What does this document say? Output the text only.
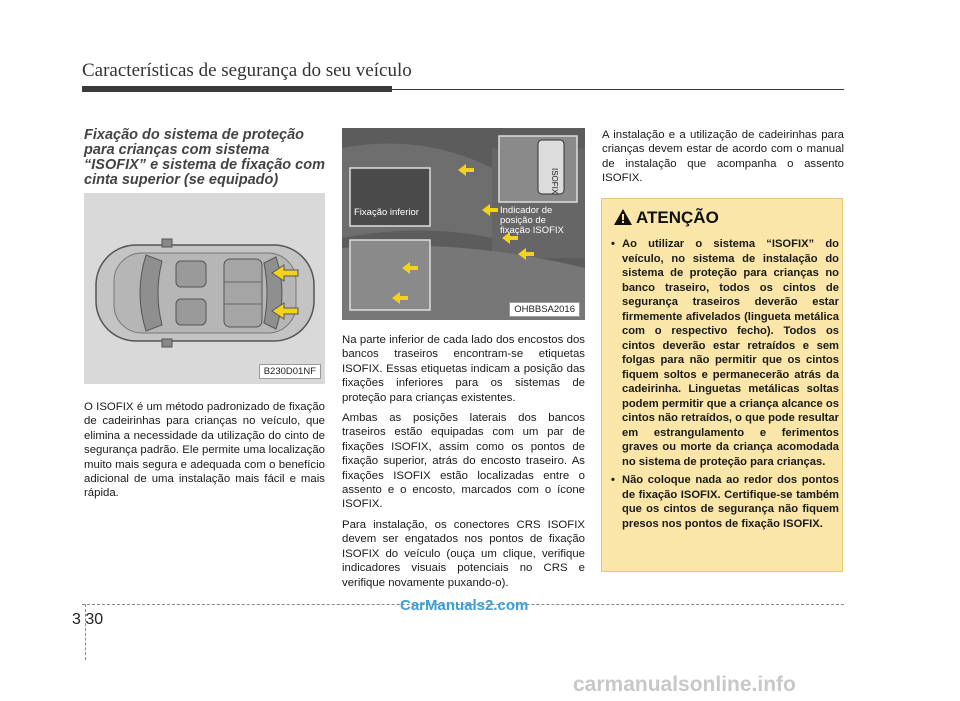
Características de segurança do seu veículo
Fixação do sistema de proteção para crianças com sistema “ISOFIX” e sistema de fixação com cinta superior (se equipado)
B230D01NF

O ISOFIX é um método padronizado de fixação de cadeirinhas para crianças no veículo, que elimina a necessidade da utilização do cinto de segurança padrão. Ele permite uma localização muito mais segura e adequada com o benefício adicional de uma instalação mais fácil e mais rápida.

ISOFIX
Fixação inferior	Indicador de posição de fixação ISOFIX
OHBBSA2016

Na parte inferior de cada lado dos encostos dos bancos traseiros encontram-se etiquetas ISOFIX. Essas etiquetas indicam a posição das fixações inferiores para os sistemas de proteção para crianças existentes.

Ambas as posições laterais dos bancos traseiros estão equipadas com um par de fixações ISOFIX, assim como os pontos de fixação superior, atrás do encosto traseiro. As fixações ISOFIX estão localizadas entre o assento e o encosto, marcados com o ícone ISOFIX.

Para instalação, os conectores CRS ISOFIX devem ser engatados nos pontos de fixação ISOFIX do veículo (ouça um clique, verifique indicadores visuais potenciais no CRS e verifique novamente puxando-o).

A instalação e a utilização de cadeirinhas para crianças devem estar de acordo com o manual de instalação que acompanha o assento ISOFIX.

ATENÇÃO
• Ao utilizar o sistema “ISOFIX” do veículo, no sistema de instalação do sistema de proteção para crianças no banco traseiro, todos os cintos de segurança traseiros deverão estar firmemente afivelados (lingueta metálica com o respectivo fecho). Todos os cintos deverão estar retraídos e sem folgas para não permitir que os cintos fiquem soltos e permanecerão atrás da cadeirinha. Linguetas metálicas soltas podem permitir que a criança alcance os cintos não retraídos, o que pode resultar em estrangulamento e ferimentos graves ou morte da criança acomodada no sistema de proteção para crianças.
• Não coloque nada ao redor dos pontos de fixação ISOFIX. Certifique-se também que os cintos de segurança não fiquem presos nos pontos de fixação ISOFIX.
3 30
CarManuals2.com
carmanualsonline.info
